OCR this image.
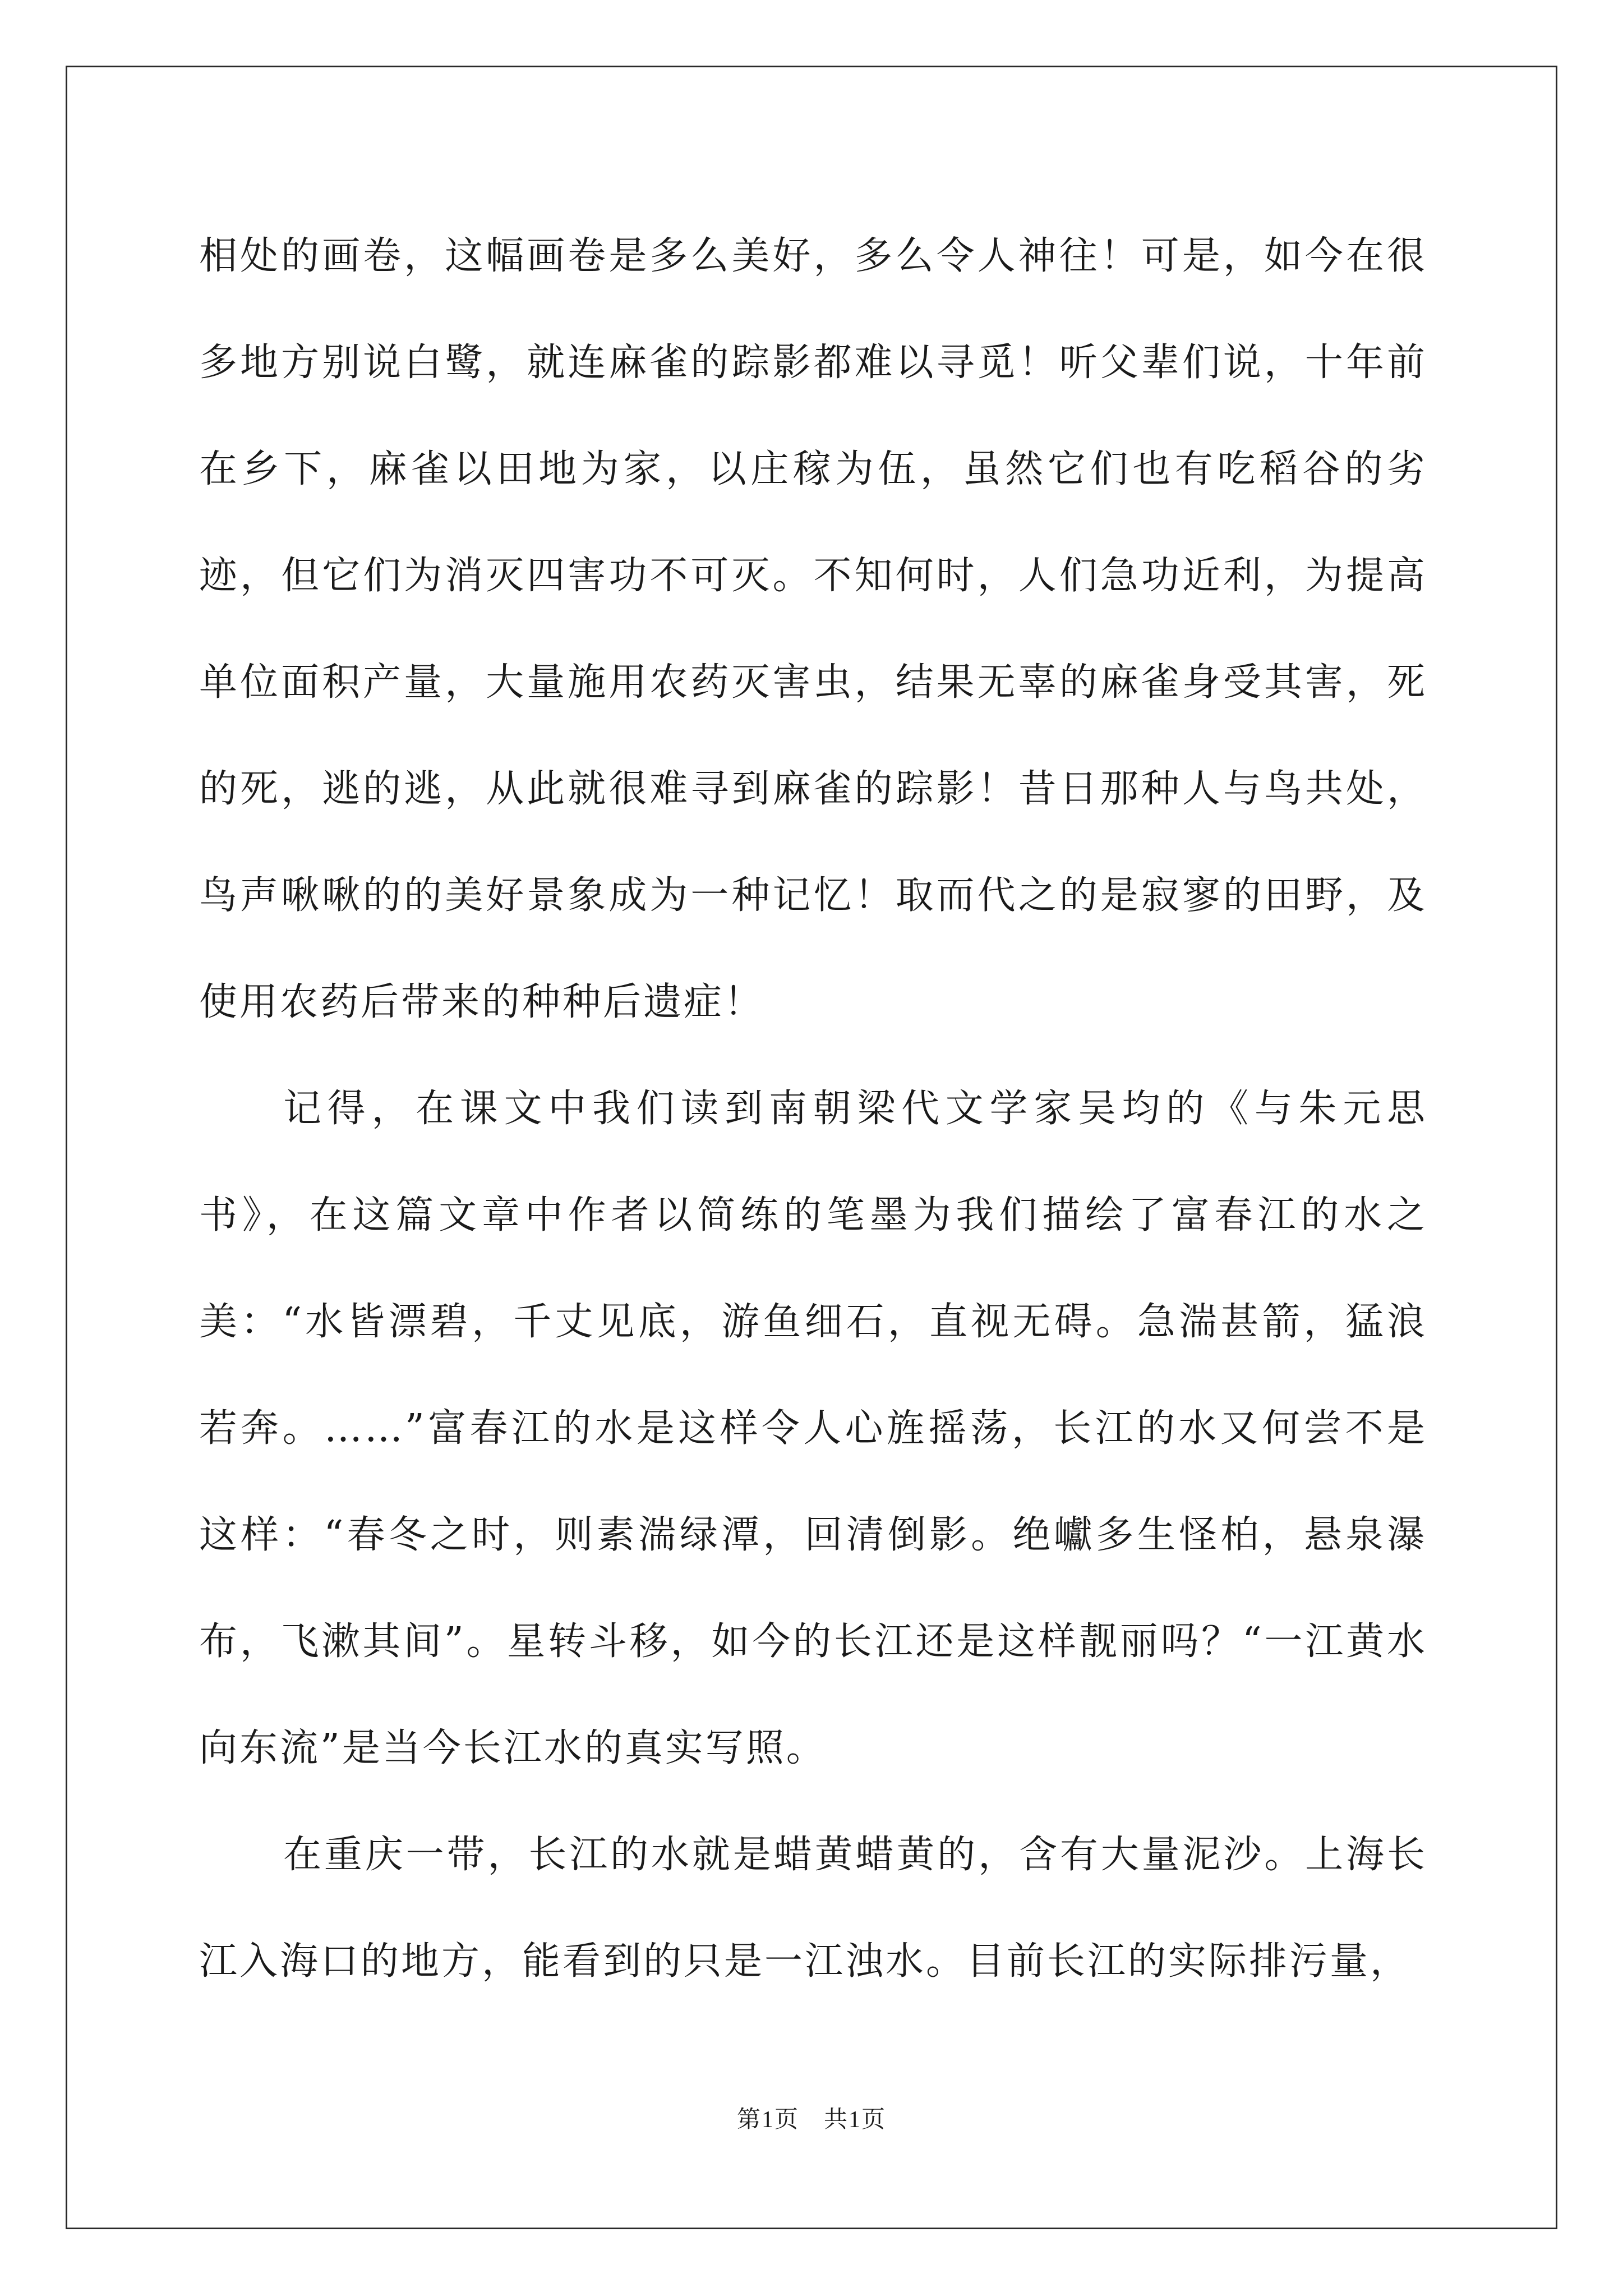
相处的画卷，这幅画卷是多么美好，多么令人神往！可是，如今在很多地方别说白鹭，就连麻雀的踪影都难以寻觅！听父辈们说，十年前在乡下，麻雀以田地为家，以庄稼为伍，虽然它们也有吃稻谷的劣迹，但它们为消灭四害功不可灭。不知何时，人们急功近利，为提高单位面积产量，大量施用农药灭害虫，结果无辜的麻雀身受其害，死的死，逃的逃，从此就很难寻到麻雀的踪影！昔日那种人与鸟共处，鸟声啾啾的的美好景象成为一种记忆！取而代之的是寂寥的田野，及使用农药后带来的种种后遗症！

记得，在课文中我们读到南朝梁代文学家吴均的《与朱元思书》，在这篇文章中作者以简练的笔墨为我们描绘了富春江的水之美：“水皆漂碧，千丈见底，游鱼细石，直视无碍。急湍甚箭，猛浪若奔。……”富春江的水是这样令人心旌摇荡，长江的水又何尝不是这样：“春冬之时，则素湍绿潭，回清倒影。绝巘多生怪柏，悬泉瀑布，飞漱其间”。星转斗移，如今的长江还是这样靓丽吗？“一江黄水向东流”是当今长江水的真实写照。

在重庆一带，长江的水就是蜡黄蜡黄的，含有大量泥沙。上海长江入海口的地方，能看到的只是一江浊水。目前长江的实际排污量，

第1页　共1页
